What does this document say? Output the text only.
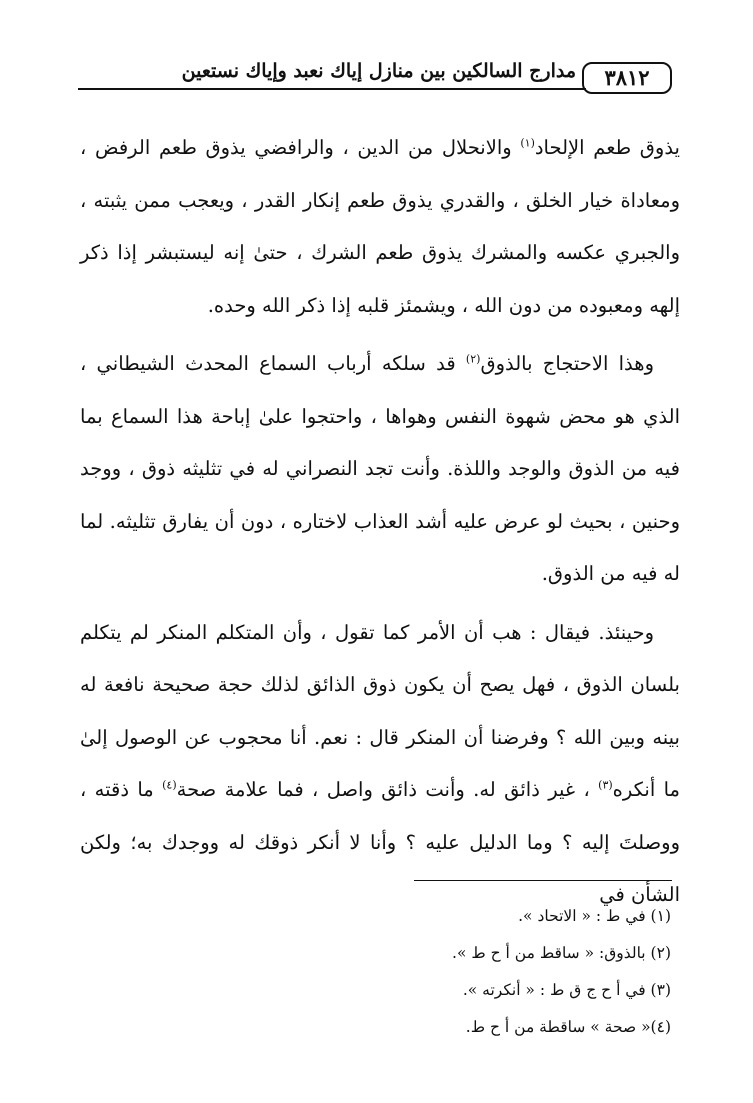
٣٨١٢
مدارج السالكين بين منازل إياك نعبد وإياك نستعين

يذوق طعم الإلحاد$^{(١)}$ والانحلال من الدين ، والرافضي يذوق طعم الرفض ، ومعاداة خيار الخلق ، والقدري يذوق طعم إنكار القدر ، ويعجب ممن يثبته ، والجبري عكسه والمشرك يذوق طعم الشرك ، حتىٰ إنه ليستبشر إذا ذكر إلهه ومعبوده من دون الله ، ويشمئز قلبه إذا ذكر الله وحده.

وهذا الاحتجاج بالذوق$^{(٢)}$ قد سلكه أرباب السماع المحدث الشيطاني ، الذي هو محض شهوة النفس وهواها ، واحتجوا علىٰ إباحة هذا السماع بما فيه من الذوق والوجد واللذة. وأنت تجد النصراني له في تثليثه ذوق ، ووجد وحنين ، بحيث لو عرض عليه أشد العذاب لاختاره ، دون أن يفارق تثليثه. لما له فيه من الذوق.

وحينئذ. فيقال : هب أن الأمر كما تقول ، وأن المتكلم المنكر لم يتكلم بلسان الذوق ، فهل يصح أن يكون ذوق الذائق لذلك حجة صحيحة نافعة له بينه وبين الله ؟ وفرضنا أن المنكر قال : نعم. أنا محجوب عن الوصول إلىٰ ما أنكره$^{(٣)}$ ، غير ذائق له. وأنت ذائق واصل ، فما علامة صحة$^{(٤)}$ ما ذقته ، ووصلتَ إليه ؟ وما الدليل عليه ؟ وأنا لا أنكر ذوقك له ووجدك به؛ ولكن الشأن في

(١) في ط : « الاتحاد ».

(٢) بالذوق: « ساقط من أ ح ط ».

(٣) في أ ح ج ق ط : « أنكرته ».

(٤)« صحة » ساقطة من أ ح ط.
